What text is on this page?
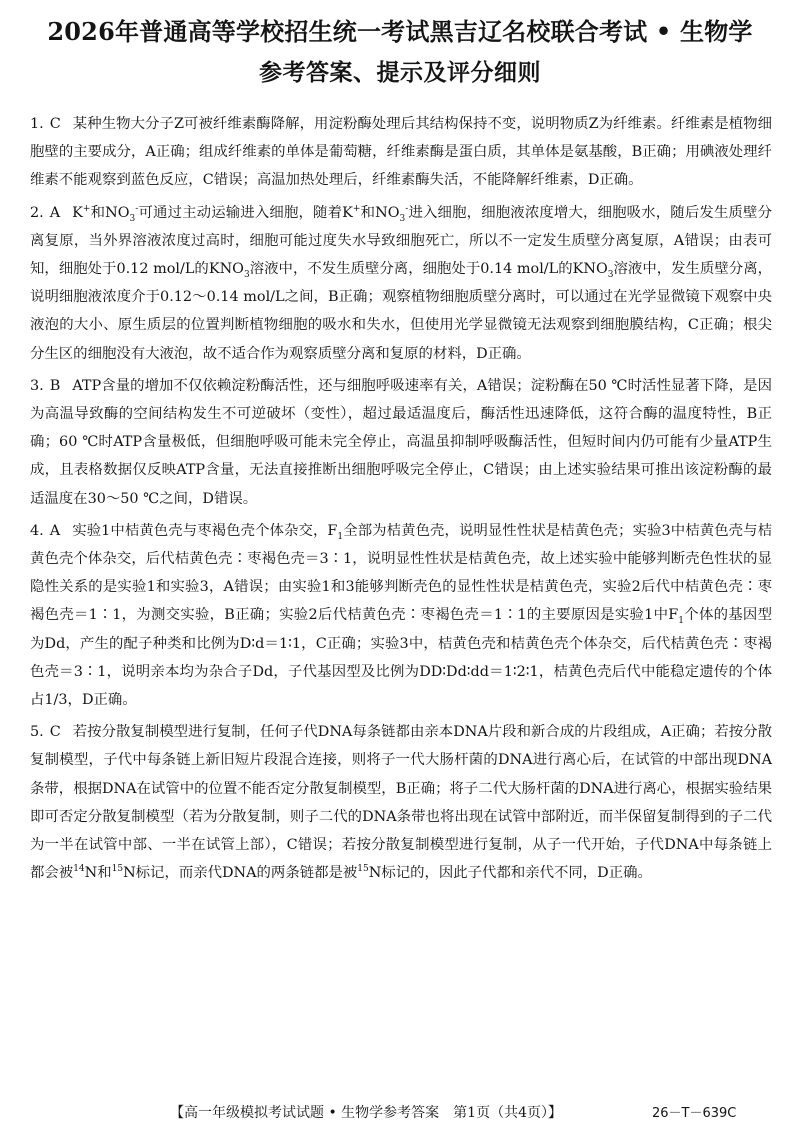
2026年普通高等学校招生统一考试黑吉辽名校联合考试 • 生物学
参考答案、提示及评分细则
1. C 某种生物大分子Z可被纤维素酶降解，用淀粉酶处理后其结构保持不变，说明物质Z为纤维素。纤维素是植物细胞壁的主要成分，A正确；组成纤维素的单体是葡萄糖，纤维素酶是蛋白质，其单体是氨基酸，B正确；用碘液处理纤维素不能观察到蓝色反应，C错误；高温加热处理后，纤维素酶失活，不能降解纤维素，D正确。
2. A K+和$NO_3^-$可通过主动运输进入细胞，随着K+和$NO_3^-$进入细胞，细胞液浓度增大，细胞吸水，随后发生质壁分离复原，当外界溶液浓度过高时，细胞可能过度失水导致细胞死亡，所以不一定发生质壁分离复原，A错误；由表可知，细胞处于0.12 mol/L的$KNO_3$溶液中，不发生质壁分离，细胞处于0.14 mol/L的$KNO_3$溶液中，发生质壁分离，说明细胞液浓度介于0.12～0.14 mol/L之间，B正确；观察植物细胞质壁分离时，可以通过在光学显微镜下观察中央液泡的大小、原生质层的位置判断植物细胞的吸水和失水，但使用光学显微镜无法观察到细胞膜结构，C正确；根尖分生区的细胞没有大液泡，故不适合作为观察质壁分离和复原的材料，D正确。
3. B ATP含量的增加不仅依赖淀粉酶活性，还与细胞呼吸速率有关，A错误；淀粉酶在50 ℃时活性显著下降，是因为高温导致酶的空间结构发生不可逆破坏（变性），超过最适温度后，酶活性迅速降低，这符合酶的温度特性，B正确；60 ℃时ATP含量极低，但细胞呼吸可能未完全停止，高温虽抑制呼吸酶活性，但短时间内仍可能有少量ATP生成，且表格数据仅反映ATP含量，无法直接推断出细胞呼吸完全停止，C错误；由上述实验结果可推出该淀粉酶的最适温度在30～50 ℃之间，D错误。
4. A 实验1中桔黄色壳与枣褐色壳个体杂交，$F_1$全部为桔黄色壳，说明显性性状是桔黄色壳；实验3中桔黄色壳与桔黄色壳个体杂交，后代桔黄色壳∶枣褐色壳＝3∶1，说明显性性状是桔黄色壳，故上述实验中能够判断壳色性状的显隐性关系的是实验1和实验3，A错误；由实验1和3能够判断壳色的显性性状是桔黄色壳，实验2后代中桔黄色壳∶枣褐色壳＝1∶1，为测交实验，B正确；实验2后代桔黄色壳∶枣褐色壳＝1∶1的主要原因是实验1中$F_1$个体的基因型为Dd，产生的配子种类和比例为D∶d＝1∶1，C正确；实验3中，桔黄色壳和桔黄色壳个体杂交，后代桔黄色壳∶枣褐色壳＝3∶1，说明亲本均为杂合子Dd，子代基因型及比例为DD∶Dd∶dd＝1∶2∶1，桔黄色壳后代中能稳定遗传的个体占1/3，D正确。
5. C 若按分散复制模型进行复制，任何子代DNA每条链都由亲本DNA片段和新合成的片段组成，A正确；若按分散复制模型，子代中每条链上新旧短片段混合连接，则将子一代大肠杆菌的DNA进行离心后，在试管的中部出现DNA条带，根据DNA在试管中的位置不能否定分散复制模型，B正确；将子二代大肠杆菌的DNA进行离心，根据实验结果即可否定分散复制模型（若为分散复制，则子二代的DNA条带也将出现在试管中部附近，而半保留复制得到的子二代为一半在试管中部、一半在试管上部），C错误；若按分散复制模型进行复制，从子一代开始，子代DNA中每条链上都会被$^{14}$N和$^{15}$N标记，而亲代DNA的两条链都是被$^{15}$N标记的，因此子代都和亲代不同，D正确。
【高一年级模拟考试试题 • 生物学参考答案　第1页（共4页）】	26－T－639C
